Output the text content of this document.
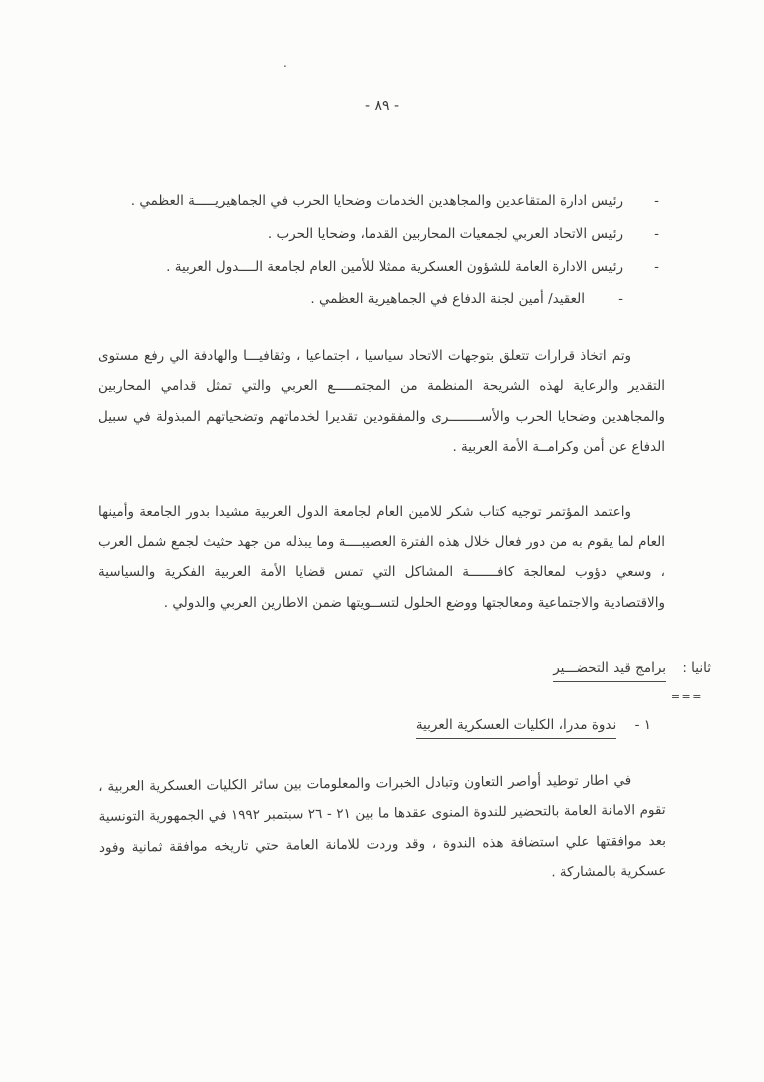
.
- ٨٩ -
-
رئيس ادارة المتقاعدين والمجاهدين الخدمات وضحايا الحرب في الجماهيريـــــة العظمي .
-
رئيس الاتحاد العربي لجمعيات المحاربين القدما، وضحايا الحرب .
-
رئيس الادارة العامة للشؤون العسكرية ممثلا للأمين العام لجامعة الــــدول العربية .
-
العقيد/ أمين لجنة الدفاع في الجماهيرية العظمي .

وتم اتخاذ قرارات تتعلق بتوجهات الاتحاد سياسيا ، اجتماعيا ، وثقافيـــا والهادفة الي رفع مستوى التقدير والرعاية لهذه الشريحة المنظمة من المجتمـــــع العربي والتي تمثل قدامي المحاربين والمجاهدين وضحايا الحرب والأســــــــرى والمفقودين تقديرا لخدماتهم وتضحياتهم المبذولة في سبيل الدفاع عن أمن وكرامــة الأمة العربية .

واعتمد المؤتمر توجيه كتاب شكر للامين العام لجامعة الدول العربية مشيدا بدور الجامعة وأمينها العام لما يقوم به من دور فعال خلال هذه الفترة العصيبــــة وما يبذله من جهد حثيث لجمع شمل العرب ، وسعي دؤوب لمعالجة كافـــــــة المشاكل التي تمس قضايا الأمة العربية الفكرية والسياسية والاقتصادية والاجتماعية ومعالجتها ووضع الحلول لتســويتها ضمن الاطارين العربي والدولي .

ثانيا : برامج قيد التحضـــير
===
١ - ندوة مدرا، الكليات العسكرية العربية

في اطار توطيد أواصر التعاون وتبادل الخبرات والمعلومات بين سائر الكليات العسكرية العربية ، تقوم الامانة العامة بالتحضير للندوة المنوى عقدها ما بين ٢١ - ٢٦ سبتمبر ١٩٩٢ في الجمهورية التونسية بعد موافقتها علي استضافة هذه الندوة ، وقد وردت للامانة العامة حتي تاريخه موافقة ثمانية وفود عسكرية بالمشاركة .
